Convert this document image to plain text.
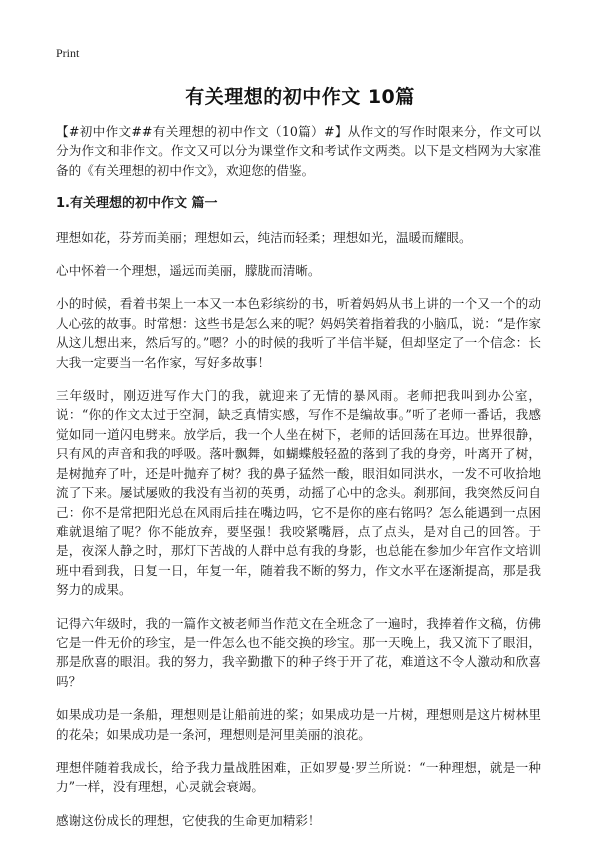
Print
有关理想的初中作文 10篇

【#初中作文##有关理想的初中作文（10篇）#】从作文的写作时限来分，作文可以分为作文和非作文。作文又可以分为课堂作文和考试作文两类。以下是文档网为大家准备的《有关理想的初中作文》，欢迎您的借鉴。

1.有关理想的初中作文 篇一

理想如花，芬芳而美丽；理想如云，纯洁而轻柔；理想如光，温暖而耀眼。

心中怀着一个理想，遥远而美丽，朦胧而清晰。

小的时候，看着书架上一本又一本色彩缤纷的书，听着妈妈从书上讲的一个又一个的动人心弦的故事。时常想：这些书是怎么来的呢？妈妈笑着指着我的小脑瓜，说：“是作家从这儿想出来，然后写的。”嗯？小的时候的我听了半信半疑，但却坚定了一个信念：长大我一定要当一名作家，写好多故事！

三年级时，刚迈进写作大门的我，就迎来了无情的暴风雨。老师把我叫到办公室，说：“你的作文太过于空洞，缺乏真情实感，写作不是编故事。”听了老师一番话，我感觉如同一道闪电劈来。放学后，我一个人坐在树下，老师的话回荡在耳边。世界很静，只有风的声音和我的呼吸。落叶飘舞，如蝴蝶般轻盈的落到了我的身旁，叶离开了树，是树抛弃了叶，还是叶抛弃了树？我的鼻子猛然一酸，眼泪如同洪水，一发不可收拾地流了下来。屡试屡败的我没有当初的英勇，动摇了心中的念头。刹那间，我突然反问自己：你不是常把阳光总在风雨后挂在嘴边吗，它不是你的座右铭吗？怎么能遇到一点困难就退缩了呢？你不能放弃，要坚强！我咬紧嘴唇，点了点头，是对自己的回答。于是，夜深人静之时，那灯下苦战的人群中总有我的身影，也总能在参加少年宫作文培训班中看到我，日复一日，年复一年，随着我不断的努力，作文水平在逐渐提高，那是我努力的成果。

记得六年级时，我的一篇作文被老师当作范文在全班念了一遍时，我捧着作文稿，仿佛它是一件无价的珍宝，是一件怎么也不能交换的珍宝。那一天晚上，我又流下了眼泪，那是欣喜的眼泪。我的努力，我辛勤撒下的种子终于开了花，难道这不令人激动和欣喜吗？

如果成功是一条船，理想则是让船前进的桨；如果成功是一片树，理想则是这片树林里的花朵；如果成功是一条河，理想则是河里美丽的浪花。

理想伴随着我成长，给予我力量战胜困难，正如罗曼·罗兰所说：“一种理想，就是一种力”一样，没有理想，心灵就会衰竭。

感谢这份成长的理想，它使我的生命更加精彩！
